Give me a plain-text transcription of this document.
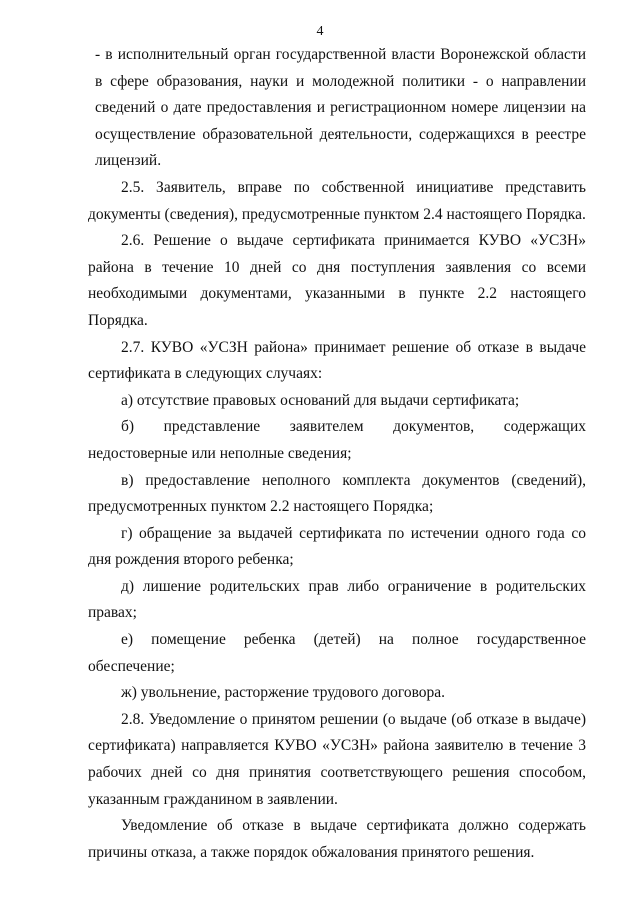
4

- в исполнительный орган государственной власти Воронежской области в сфере образования, науки и молодежной политики - о направлении сведений о дате предоставления и регистрационном номере лицензии на осуществление образовательной деятельности, содержащихся в реестре лицензий.

2.5. Заявитель, вправе по собственной инициативе представить документы (сведения), предусмотренные пунктом 2.4 настоящего Порядка.

2.6. Решение о выдаче сертификата принимается КУВО «УСЗН» района в течение 10 дней со дня поступления заявления со всеми необходимыми документами, указанными в пункте 2.2 настоящего Порядка.

2.7. КУВО «УСЗН района» принимает решение об отказе в выдаче сертификата в следующих случаях:

а) отсутствие правовых оснований для выдачи сертификата;

б) представление заявителем документов, содержащих недостоверные или неполные сведения;

в) предоставление неполного комплекта документов (сведений), предусмотренных пунктом 2.2 настоящего Порядка;

г) обращение за выдачей сертификата по истечении одного года со дня рождения второго ребенка;

д) лишение родительских прав либо ограничение в родительских правах;

е) помещение ребенка (детей) на полное государственное обеспечение;

ж) увольнение, расторжение трудового договора.

2.8. Уведомление о принятом решении (о выдаче (об отказе в выдаче) сертификата) направляется КУВО «УСЗН» района заявителю в течение 3 рабочих дней со дня принятия соответствующего решения способом, указанным гражданином в заявлении.

Уведомление об отказе в выдаче сертификата должно содержать причины отказа, а также порядок обжалования принятого решения.
